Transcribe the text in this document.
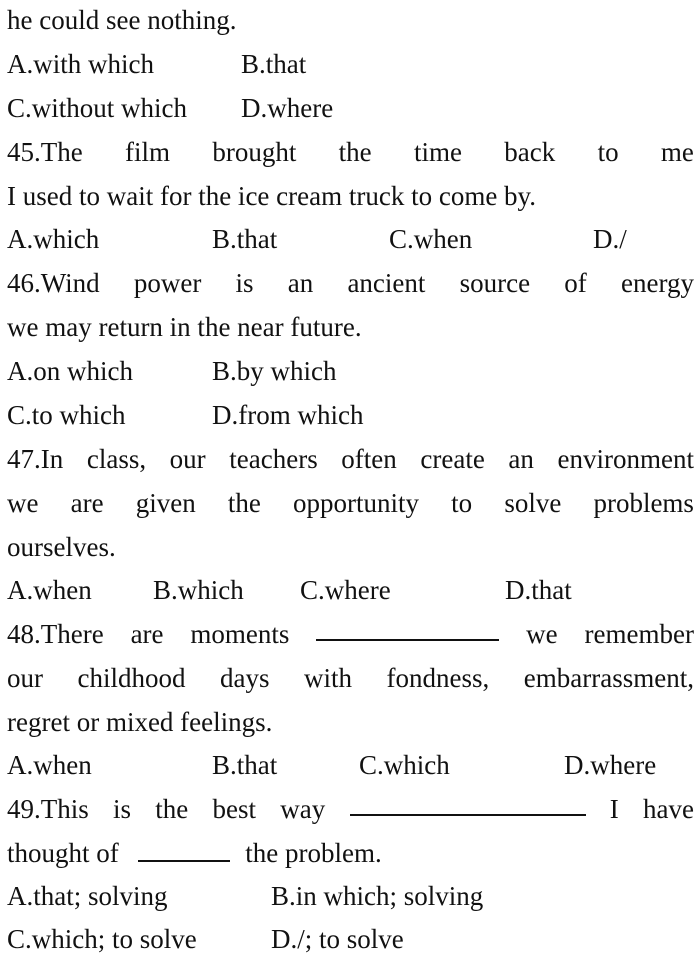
he could see nothing.
A.with which	B.that
C.without which D.where
45.The film brought the time back to me
I used to wait for the ice cream truck to come by.
A.which	B.that	C.when	D./
46.Wind power is an ancient source of energy
we may return in the near future.
A.on which	B.by which
C.to which	D.from which
47.In class, our teachers often create an environment
we are given the opportunity to solve problems
ourselves.
A.when B.which C.where	D.that
48.There are moments	we remember
our childhood days with fondness, embarrassment,
regret or mixed feelings.
A.when	B.that	C.which	D.where
49.This is the best way	I have
thought of	the problem.
A.that; solving	B.in which; solving
C.which; to solve	D./; to solve
